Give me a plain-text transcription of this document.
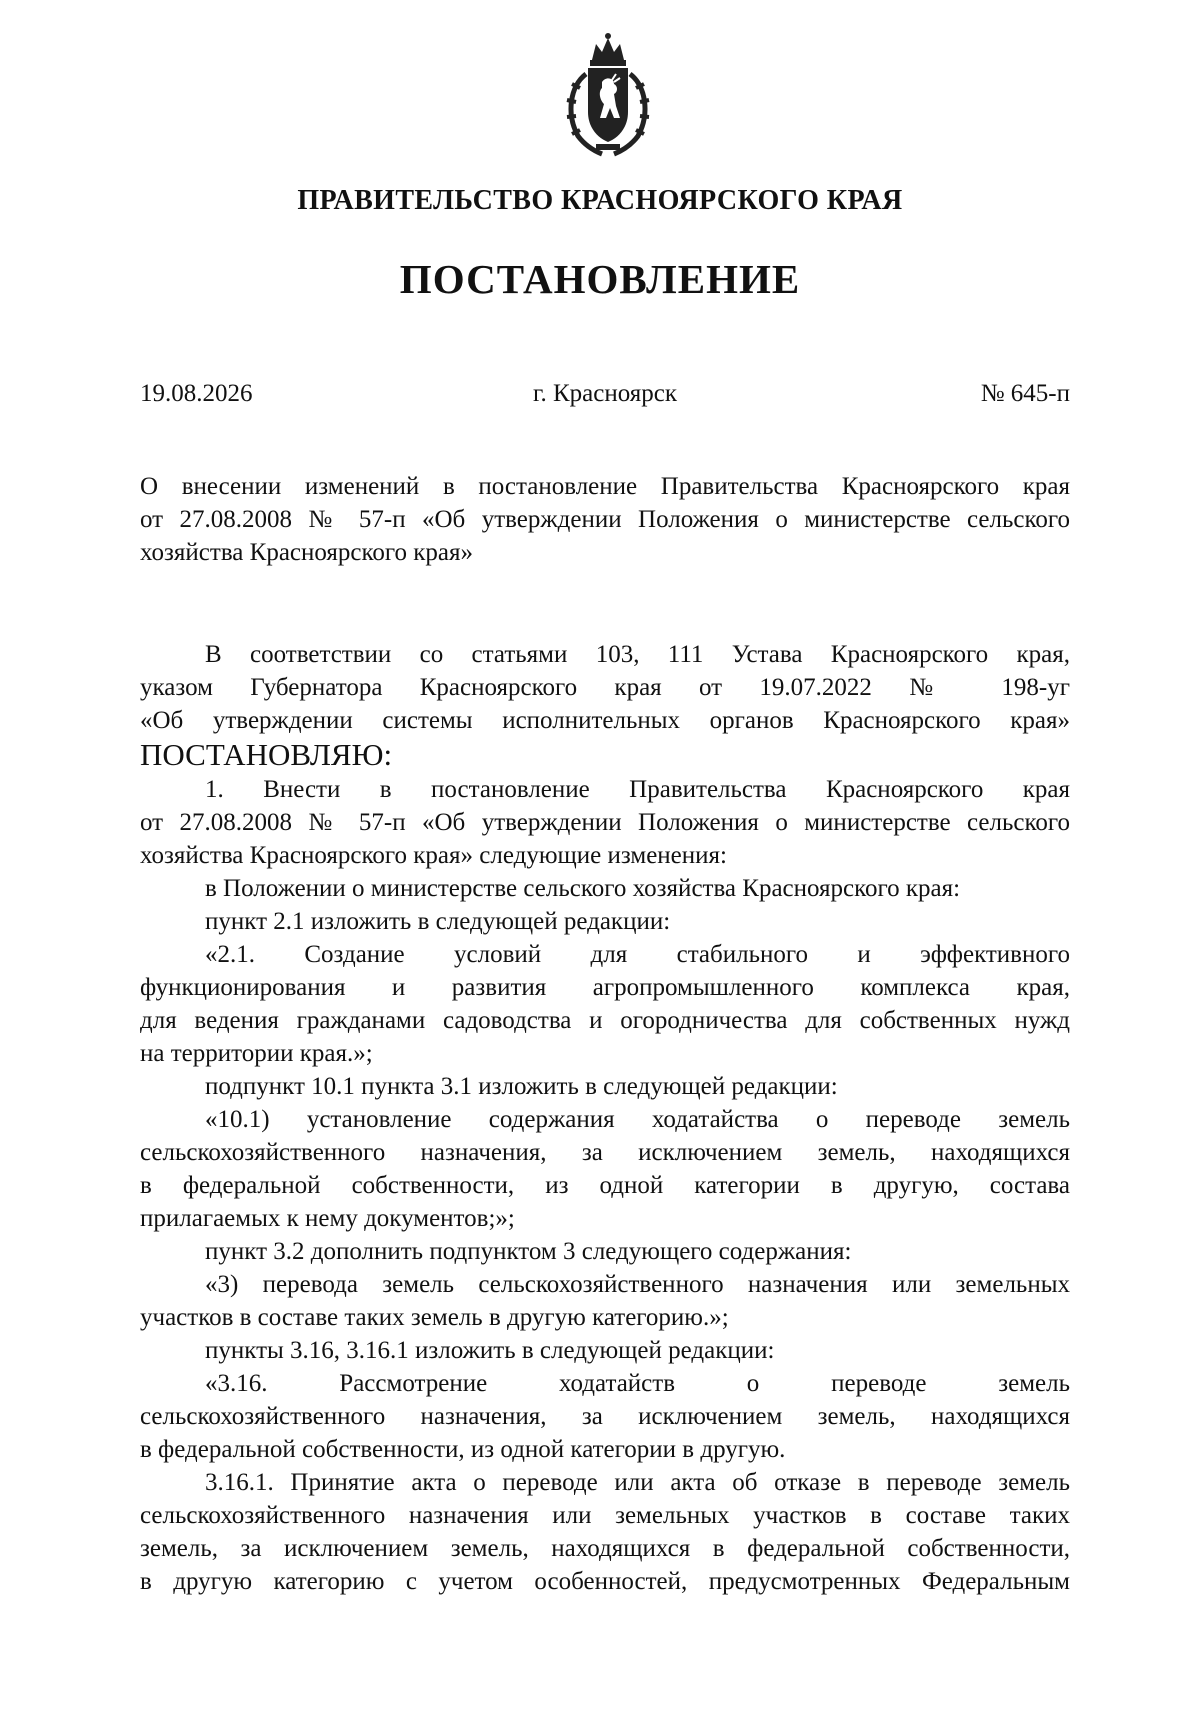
ПРАВИТЕЛЬСТВО КРАСНОЯРСКОГО КРАЯ
ПОСТАНОВЛЕНИЕ
19.08.2026	г. Красноярск	№ 645-п
О внесении изменений в постановление Правительства Красноярского края
от 27.08.2008 № 57-п «Об утверждении Положения о министерстве сельского
хозяйства Красноярского края»
В соответствии со статьями 103, 111 Устава Красноярского края,
указом Губернатора Красноярского края от 19.07.2022 № 198-уг
«Об утверждении системы исполнительных органов Красноярского края»
ПОСТАНОВЛЯЮ:
1. Внести в постановление Правительства Красноярского края
от 27.08.2008 № 57-п «Об утверждении Положения о министерстве сельского
хозяйства Красноярского края» следующие изменения:
в Положении о министерстве сельского хозяйства Красноярского края:
пункт 2.1 изложить в следующей редакции:
«2.1. Создание условий для стабильного и эффективного
функционирования и развития агропромышленного комплекса края,
для ведения гражданами садоводства и огородничества для собственных нужд
на территории края.»;
подпункт 10.1 пункта 3.1 изложить в следующей редакции:
«10.1) установление содержания ходатайства о переводе земель
сельскохозяйственного назначения, за исключением земель, находящихся
в федеральной собственности, из одной категории в другую, состава
прилагаемых к нему документов;»;
пункт 3.2 дополнить подпунктом 3 следующего содержания:
«3) перевода земель сельскохозяйственного назначения или земельных
участков в составе таких земель в другую категорию.»;
пункты 3.16, 3.16.1 изложить в следующей редакции:
«3.16. Рассмотрение ходатайств о переводе земель
сельскохозяйственного назначения, за исключением земель, находящихся
в федеральной собственности, из одной категории в другую.
3.16.1. Принятие акта о переводе или акта об отказе в переводе земель
сельскохозяйственного назначения или земельных участков в составе таких
земель, за исключением земель, находящихся в федеральной собственности,
в другую категорию с учетом особенностей, предусмотренных Федеральным
